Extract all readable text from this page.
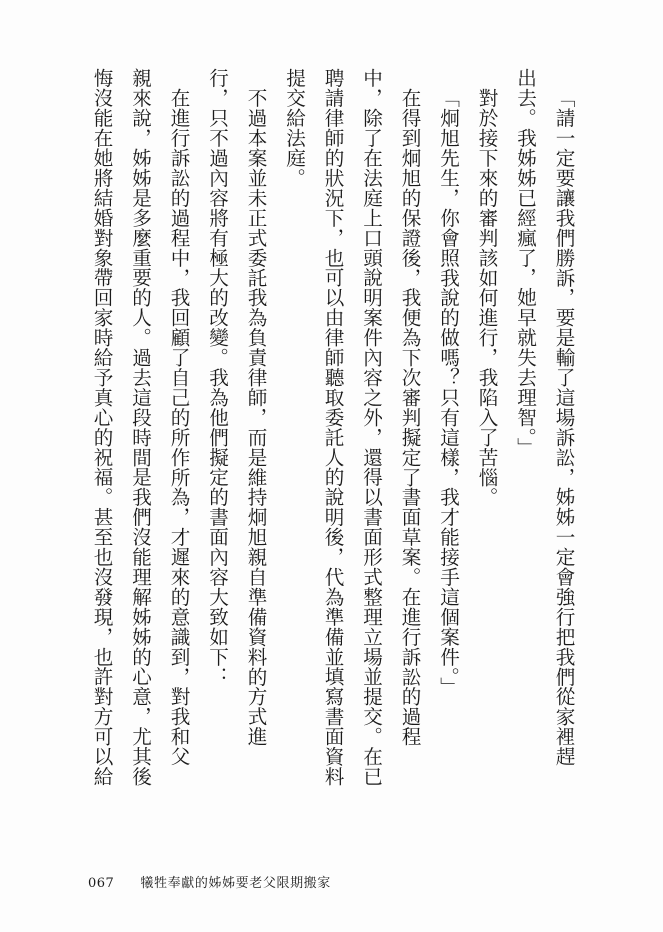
「請一定要讓我們勝訴，要是輸了這場訴訟，姊姊一定會強行把我們從家裡趕

出去。我姊姊已經瘋了，她早就失去理智。」

對於接下來的審判該如何進行，我陷入了苦惱。

「炯旭先生，你會照我說的做嗎？只有這樣，我才能接手這個案件。」

在得到炯旭的保證後，我便為下次審判擬定了書面草案。在進行訴訟的過程

中，除了在法庭上口頭說明案件內容之外，還得以書面形式整理立場並提交。在已

聘請律師的狀況下，也可以由律師聽取委託人的說明後，代為準備並填寫書面資料

提交給法庭。

不過本案並未正式委託我為負責律師，而是維持炯旭親自準備資料的方式進

行，只不過內容將有極大的改變。我為他們擬定的書面內容大致如下：

在進行訴訟的過程中，我回顧了自己的所作所為，才遲來的意識到，對我和父

親來說，姊姊是多麼重要的人。過去這段時間是我們沒能理解姊姊的心意，尤其後

悔沒能在她將結婚對象帶回家時給予真心的祝福。甚至也沒發現，也許對方可以給

067 犧牲奉獻的姊姊要老父限期搬家
